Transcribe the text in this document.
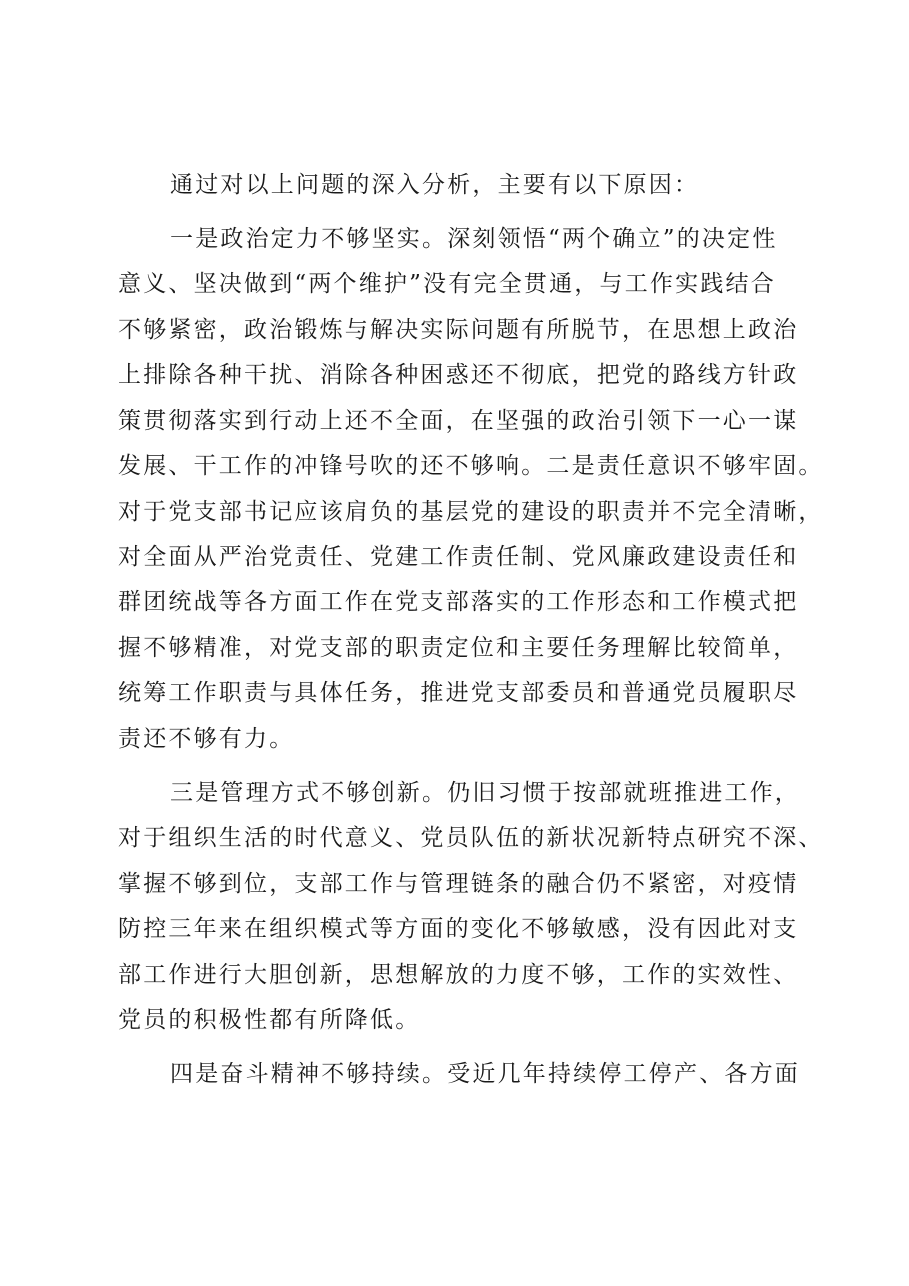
通过对以上问题的深入分析，主要有以下原因：

一是政治定力不够坚实。深刻领悟“两个确立”的决定性

意义、坚决做到“两个维护”没有完全贯通，与工作实践结合

不够紧密，政治锻炼与解决实际问题有所脱节，在思想上政治

上排除各种干扰、消除各种困惑还不彻底，把党的路线方针政

策贯彻落实到行动上还不全面，在坚强的政治引领下一心一谋

发展、干工作的冲锋号吹的还不够响。二是责任意识不够牢固。

对于党支部书记应该肩负的基层党的建设的职责并不完全清晰，

对全面从严治党责任、党建工作责任制、党风廉政建设责任和

群团统战等各方面工作在党支部落实的工作形态和工作模式把

握不够精准，对党支部的职责定位和主要任务理解比较简单，

统筹工作职责与具体任务，推进党支部委员和普通党员履职尽

责还不够有力。

三是管理方式不够创新。仍旧习惯于按部就班推进工作，

对于组织生活的时代意义、党员队伍的新状况新特点研究不深、

掌握不够到位，支部工作与管理链条的融合仍不紧密，对疫情

防控三年来在组织模式等方面的变化不够敏感，没有因此对支

部工作进行大胆创新，思想解放的力度不够，工作的实效性、

党员的积极性都有所降低。

四是奋斗精神不够持续。受近几年持续停工停产、各方面
